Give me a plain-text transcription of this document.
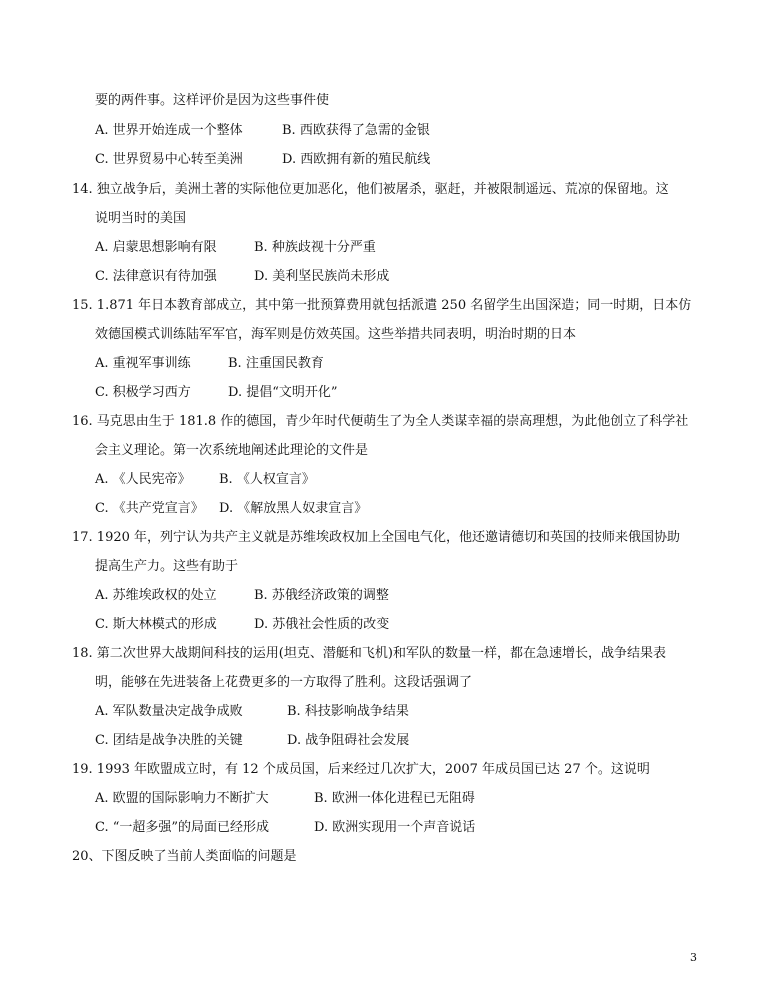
要的两件事。这样评价是因为这些事件使
A. 世界开始连成一个整体	B. 西欧获得了急需的金银
C. 世界贸易中心转至美洲	D. 西欧拥有新的殖民航线
14. 独立战争后，美洲土著的实际他位更加恶化，他们被屠杀，驱赶，并被限制遥远、荒凉的保留地。这
说明当时的美国
A. 启蒙思想影响有限	B. 种族歧视十分严重
C. 法律意识有待加强	D. 美利坚民族尚未形成
15. 1.871 年日本教育部成立，其中第一批预算费用就包括派遣 250 名留学生出国深造；同一时期，日本仿
效德国模式训练陆军军官，海军则是仿效英国。这些举措共同表明，明治时期的日本
A. 重视军事训练	B. 注重国民教育
C. 积极学习西方	D. 提倡“文明开化”
16. 马克思由生于 181.8 作的德国，青少年时代便萌生了为全人类谋幸福的崇高理想，为此他创立了科学社
会主义理论。第一次系统地阐述此理论的文件是
A. 《人民宪帝》 B. 《人权宣言》
C. 《共产党宣言》 D. 《解放黑人奴隶宣言》
17. 1920 年，列宁认为共产主义就是苏维埃政权加上全国电气化，他还邀请德切和英国的技师来俄国协助
提高生产力。这些有助于
A. 苏维埃政权的处立	B. 苏俄经济政策的调整
C. 斯大林模式的形成	D. 苏俄社会性质的改变
18. 第二次世界大战期间科技的运用(坦克、潜艇和飞机)和军队的数量一样，都在急速增长，战争结果表
明，能够在先进装备上花费更多的一方取得了胜利。这段话强调了
A. 军队数量决定战争成败	B. 科技影响战争结果
C. 团结是战争决胜的关键	D. 战争阻碍社会发展
19. 1993 年欧盟成立时，有 12 个成员国，后来经过几次扩大，2007 年成员国已达 27 个。这说明
A. 欧盟的国际影响力不断扩大	B. 欧洲一体化进程已无阻碍
C. “一超多强”的局面已经形成	D. 欧洲实现用一个声音说话
20、下图反映了当前人类面临的问题是
3
